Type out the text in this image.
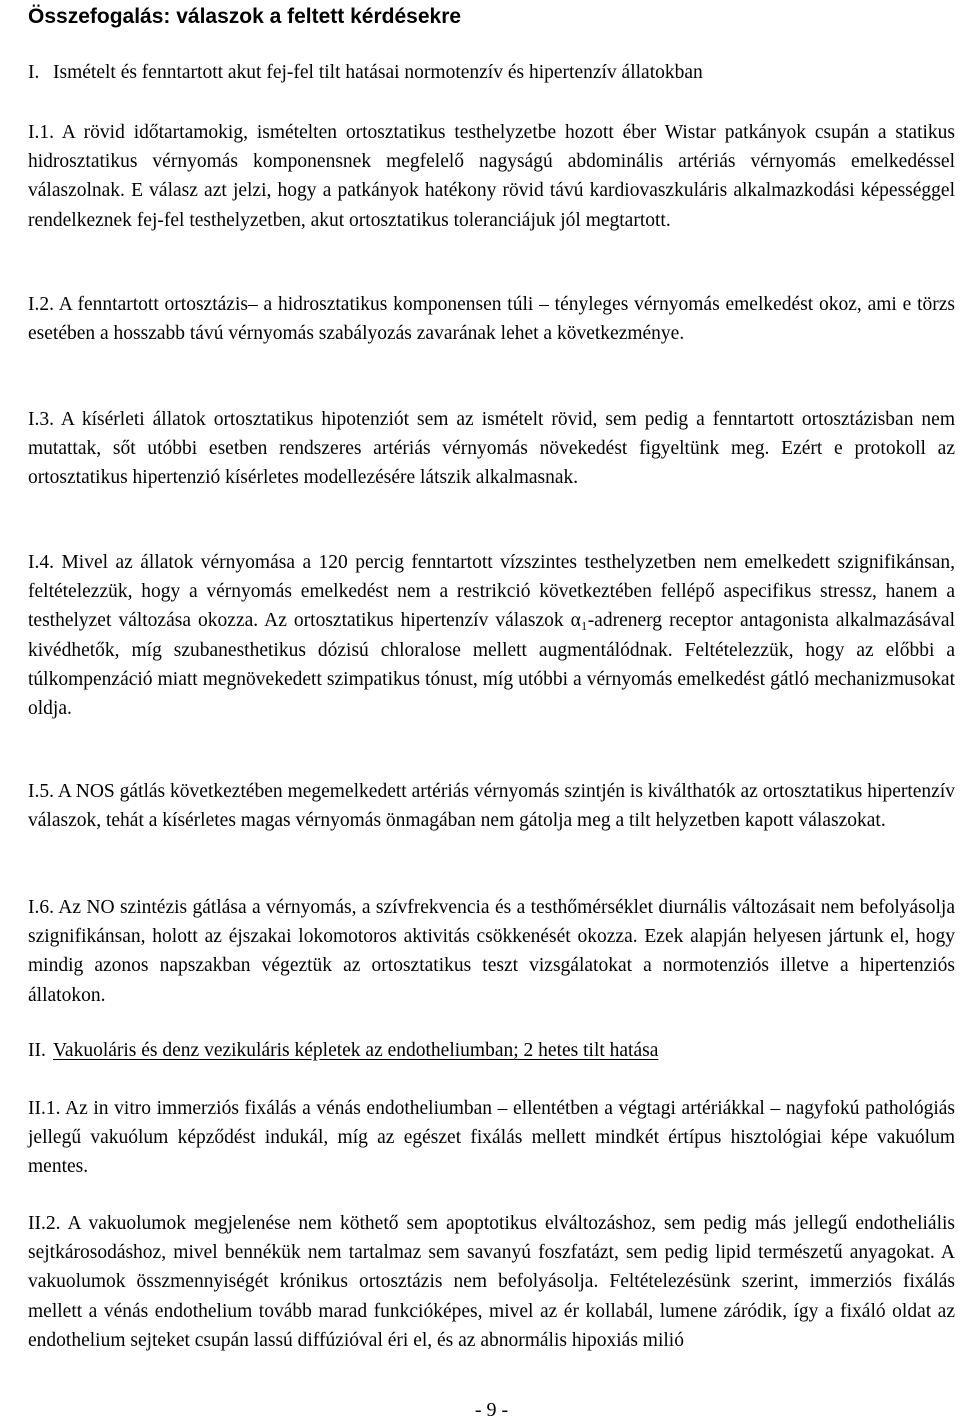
Összefogalás: válaszok a feltett kérdésekre
I. Ismételt és fenntartott akut fej-fel tilt hatásai normotenzív és hipertenzív állatokban
I.1. A rövid időtartamokig, ismételten ortosztatikus testhelyzetbe hozott éber Wistar patkányok csupán a statikus hidrosztatikus vérnyomás komponensnek megfelelő nagyságú abdominális artériás vérnyomás emelkedéssel válaszolnak. E válasz azt jelzi, hogy a patkányok hatékony rövid távú kardiovaszkuláris alkalmazkodási képességgel rendelkeznek fej-fel testhelyzetben, akut ortosztatikus toleranciájuk jól megtartott.
I.2. A fenntartott ortosztázis– a hidrosztatikus komponensen túli – tényleges vérnyomás emelkedést okoz, ami e törzs esetében a hosszabb távú vérnyomás szabályozás zavarának lehet a következménye.
I.3. A kísérleti állatok ortosztatikus hipotenziót sem az ismételt rövid, sem pedig a fenntartott ortosztázisban nem mutattak, sőt utóbbi esetben rendszeres artériás vérnyomás növekedést figyeltünk meg. Ezért e protokoll az ortosztatikus hipertenzió kísérletes modellezésére látszik alkalmasnak.
I.4. Mivel az állatok vérnyomása a 120 percig fenntartott vízszintes testhelyzetben nem emelkedett szignifikánsan, feltételezzük, hogy a vérnyomás emelkedést nem a restrikció következtében fellépő aspecifikus stressz, hanem a testhelyzet változása okozza. Az ortosztatikus hipertenzív válaszok α₁-adrenerg receptor antagonista alkalmazásával kivédhetők, míg szubanesthetikus dózisú chloralose mellett augmentálódnak. Feltételezzük, hogy az előbbi a túlkompenzáció miatt megnövekedett szimpatikus tónust, míg utóbbi a vérnyomás emelkedést gátló mechanizmusokat oldja.
I.5. A NOS gátlás következtében megemelkedett artériás vérnyomás szintjén is kiválthatók az ortosztatikus hipertenzív válaszok, tehát a kísérletes magas vérnyomás önmagában nem gátolja meg a tilt helyzetben kapott válaszokat.
I.6. Az NO szintézis gátlása a vérnyomás, a szívfrekvencia és a testhőmérséklet diurnális változásait nem befolyásolja szignifikánsan, holott az éjszakai lokomotoros aktivitás csökkenését okozza. Ezek alapján helyesen jártunk el, hogy mindig azonos napszakban végeztük az ortosztatikus teszt vizsgálatokat a normotenziós illetve a hipertenziós állatokon.
II. Vakuoláris és denz vezikuláris képletek az endotheliumban; 2 hetes tilt hatása
II.1. Az in vitro immerziós fixálás a vénás endotheliumban – ellentétben a végtagi artériákkal – nagyfokú pathológiás jellegű vakuólum képződést indukál, míg az egészet fixálás mellett mindkét értípus hisztológiai képe vakuólum mentes.
II.2. A vakuolumok megjelenése nem köthető sem apoptotikus elváltozáshoz, sem pedig más jellegű endotheliális sejtkárosodáshoz, mivel bennékük nem tartalmaz sem savanyú foszfatázt, sem pedig lipid természetű anyagokat. A vakuolumok összmennyiségét krónikus ortosztázis nem befolyásolja. Feltételezésünk szerint, immerziós fixálás mellett a vénás endothelium tovább marad funkcióképes, mivel az ér kollabál, lumene záródik, így a fixáló oldat az endothelium sejteket csupán lassú diffúzióval éri el, és az abnormális hipoxiás milió
- 9 -
